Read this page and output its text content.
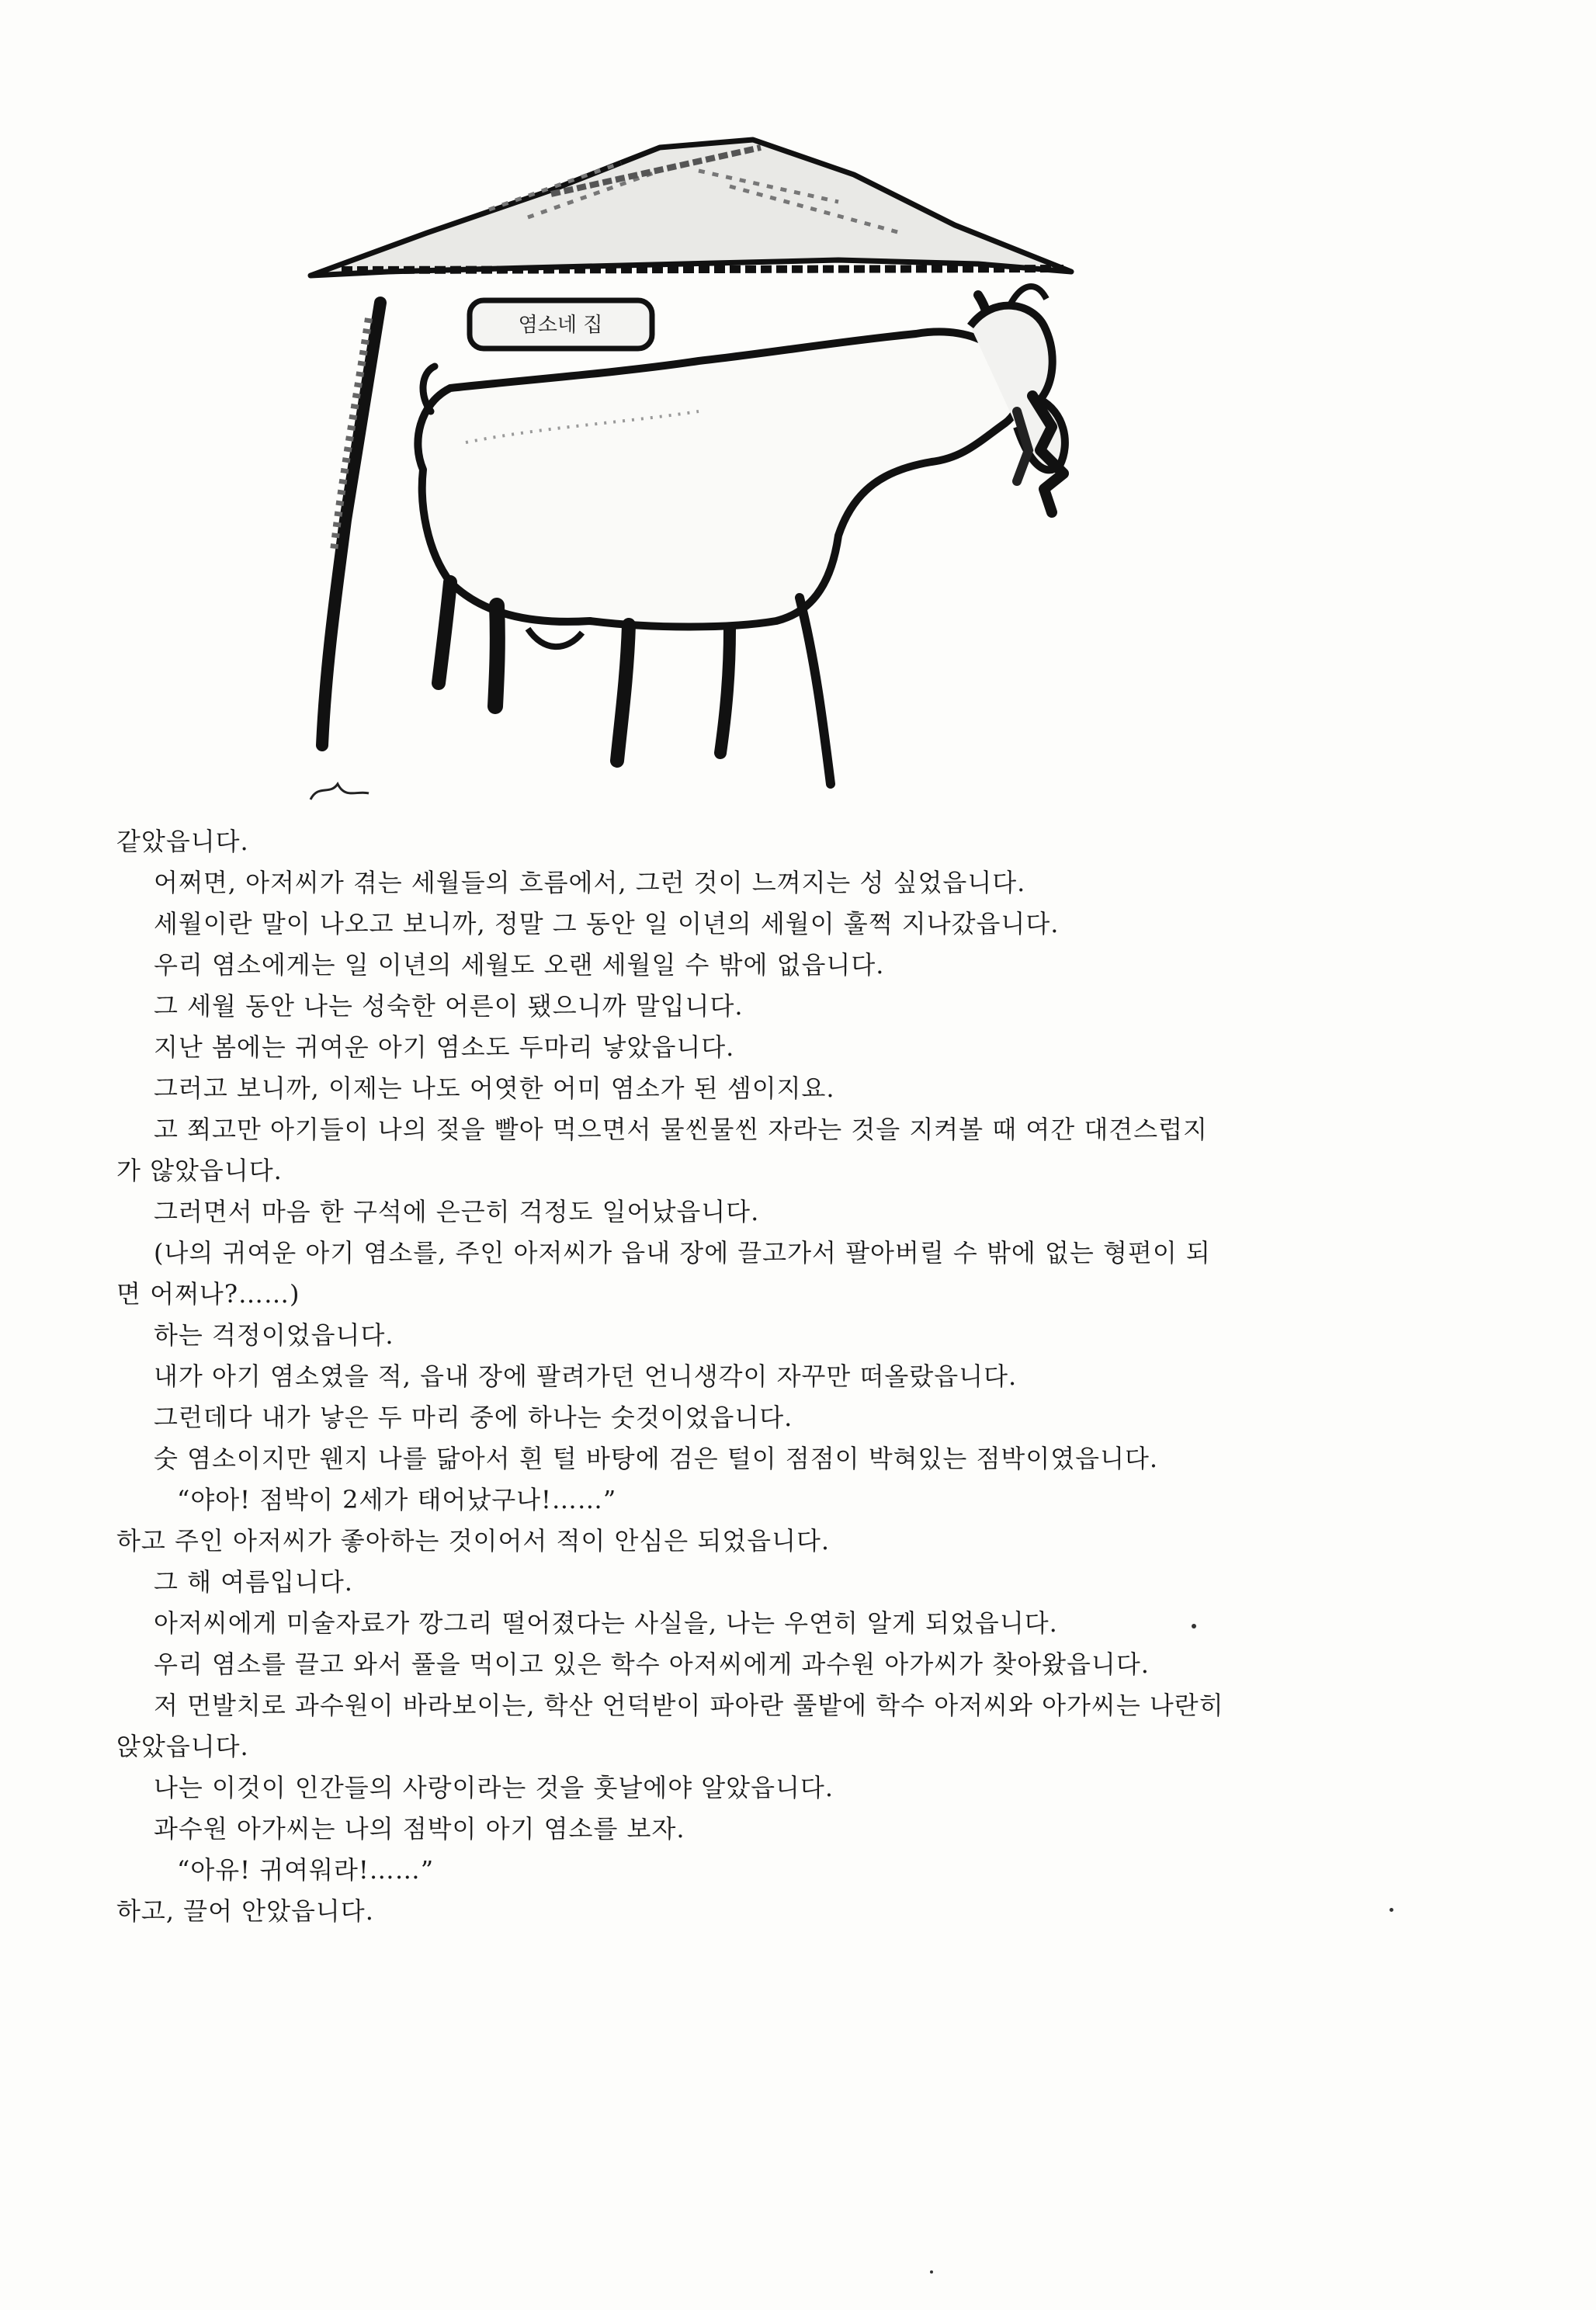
염소네 집
같았읍니다.
어쩌면, 아저씨가 겪는 세월들의 흐름에서, 그런 것이 느껴지는 성 싶었읍니다.
세월이란 말이 나오고 보니까, 정말 그 동안 일 이년의 세월이 훌쩍 지나갔읍니다.
우리 염소에게는 일 이년의 세월도 오랜 세월일 수 밖에 없읍니다.
그 세월 동안 나는 성숙한 어른이 됐으니까 말입니다.
지난 봄에는 귀여운 아기 염소도 두마리 낳았읍니다.
그러고 보니까, 이제는 나도 어엿한 어미 염소가 된 셈이지요.
고 쬐고만 아기들이 나의 젖을 빨아 먹으면서 물씬물씬 자라는 것을 지켜볼 때 여간 대견스럽지
가 않았읍니다.
그러면서 마음 한 구석에 은근히 걱정도 일어났읍니다.
(나의 귀여운 아기 염소를, 주인 아저씨가 읍내 장에 끌고가서 팔아버릴 수 밖에 없는 형편이 되
면 어쩌나?……)
하는 걱정이었읍니다.
내가 아기 염소였을 적, 읍내 장에 팔려가던 언니생각이 자꾸만 떠올랐읍니다.
그런데다 내가 낳은 두 마리 중에 하나는 숫것이었읍니다.
숫 염소이지만 웬지 나를 닮아서 흰 털 바탕에 검은 털이 점점이 박혀있는 점박이였읍니다.
“야아! 점박이 2세가 태어났구나!……”
하고 주인 아저씨가 좋아하는 것이어서 적이 안심은 되었읍니다.
그 해 여름입니다.
아저씨에게 미술자료가 깡그리 떨어졌다는 사실을, 나는 우연히 알게 되었읍니다.
우리 염소를 끌고 와서 풀을 먹이고 있은 학수 아저씨에게 과수원 아가씨가 찾아왔읍니다.
저 먼발치로 과수원이 바라보이는, 학산 언덕받이 파아란 풀밭에 학수 아저씨와 아가씨는 나란히
앉았읍니다.
나는 이것이 인간들의 사랑이라는 것을 훗날에야 알았읍니다.
과수원 아가씨는 나의 점박이 아기 염소를 보자.
“아유! 귀여워라!……”
하고, 끌어 안았읍니다.
